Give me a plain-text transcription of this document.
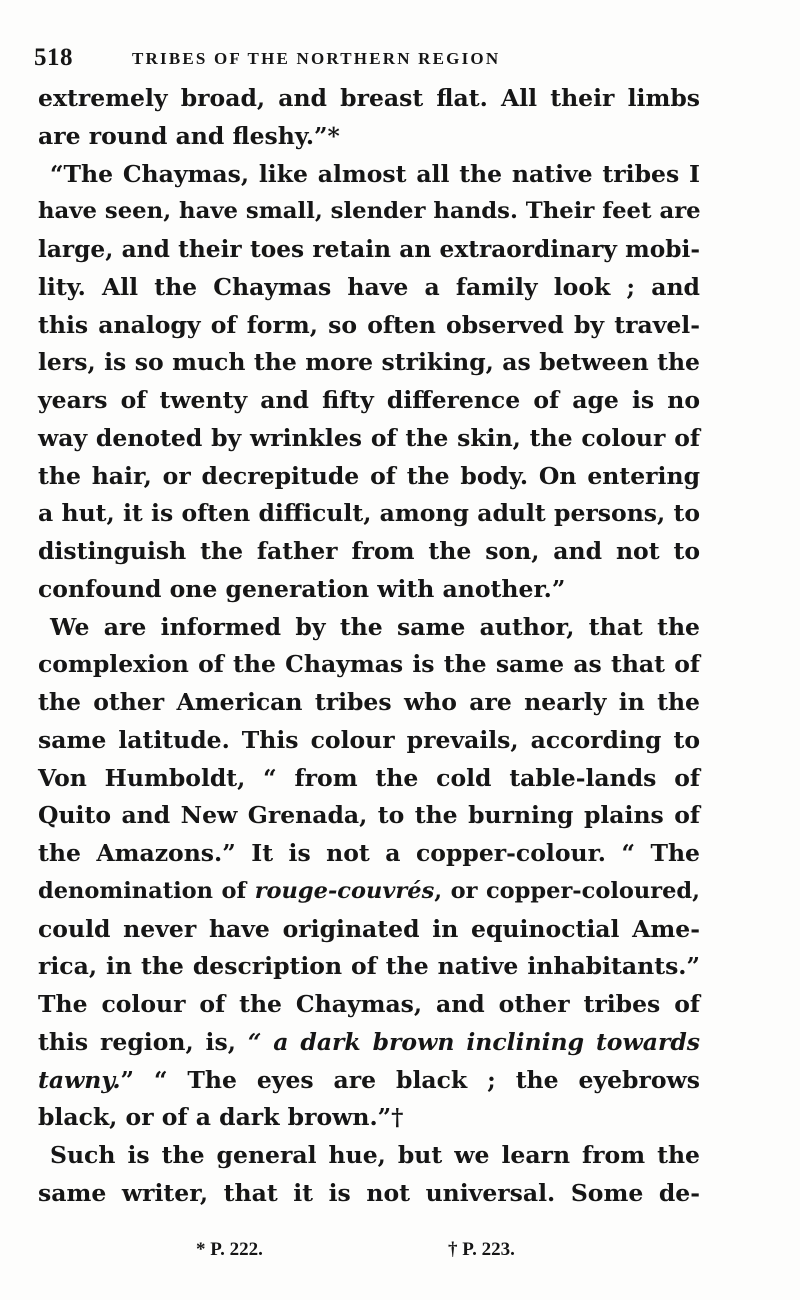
518	TRIBES OF THE NORTHERN REGION
extremely broad, and breast flat. All their limbs
are round and fleshy.”*
“The Chaymas, like almost all the native tribes I
have seen, have small, slender hands. Their feet are
large, and their toes retain an extraordinary mobi-
lity. All the Chaymas have a family look ; and
this analogy of form, so often observed by travel-
lers, is so much the more striking, as between the
years of twenty and fifty difference of age is no
way denoted by wrinkles of the skin, the colour of
the hair, or decrepitude of the body. On entering
a hut, it is often difficult, among adult persons, to
distinguish the father from the son, and not to
confound one generation with another.”
We are informed by the same author, that the
complexion of the Chaymas is the same as that of
the other American tribes who are nearly in the
same latitude. This colour prevails, according to
Von Humboldt, “ from the cold table-lands of
Quito and New Grenada, to the burning plains of
the Amazons.” It is not a copper-colour. “ The
denomination of rouge-couvrés, or copper-coloured,
could never have originated in equinoctial Ame-
rica, in the description of the native inhabitants.”
The colour of the Chaymas, and other tribes of
this region, is, “ a dark brown inclining towards
tawny.” “ The eyes are black ; the eyebrows
black, or of a dark brown.”†
Such is the general hue, but we learn from the
same writer, that it is not universal. Some de-
* P. 222.	† P. 223.
